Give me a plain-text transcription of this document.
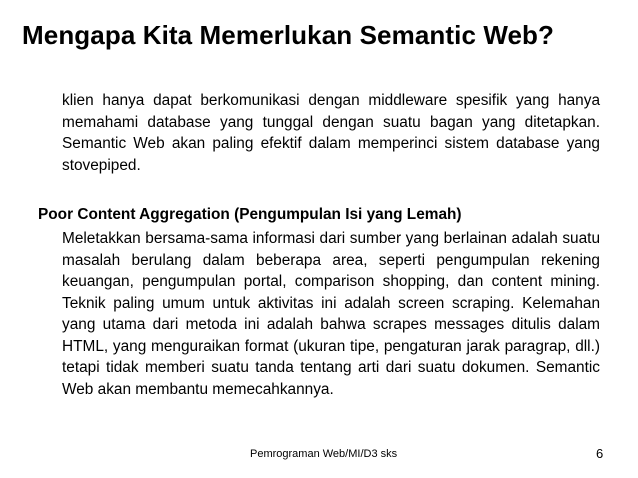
Mengapa Kita Memerlukan Semantic Web?
klien hanya dapat berkomunikasi dengan middleware spesifik yang hanya memahami database yang tunggal dengan suatu bagan yang ditetapkan. Semantic Web akan paling efektif dalam memperinci sistem database yang stovepiped.
Poor Content Aggregation (Pengumpulan Isi yang Lemah)
Meletakkan bersama-sama informasi dari sumber yang berlainan adalah suatu masalah berulang dalam beberapa area, seperti pengumpulan rekening keuangan, pengumpulan portal, comparison shopping, dan content mining. Teknik paling umum untuk aktivitas ini adalah screen scraping. Kelemahan yang utama dari metoda ini adalah bahwa scrapes messages ditulis dalam HTML, yang menguraikan format (ukuran tipe, pengaturan jarak paragrap, dll.) tetapi tidak memberi suatu tanda tentang arti dari suatu dokumen. Semantic Web akan membantu memecahkannya.
Pemrograman Web/MI/D3 sks	6
